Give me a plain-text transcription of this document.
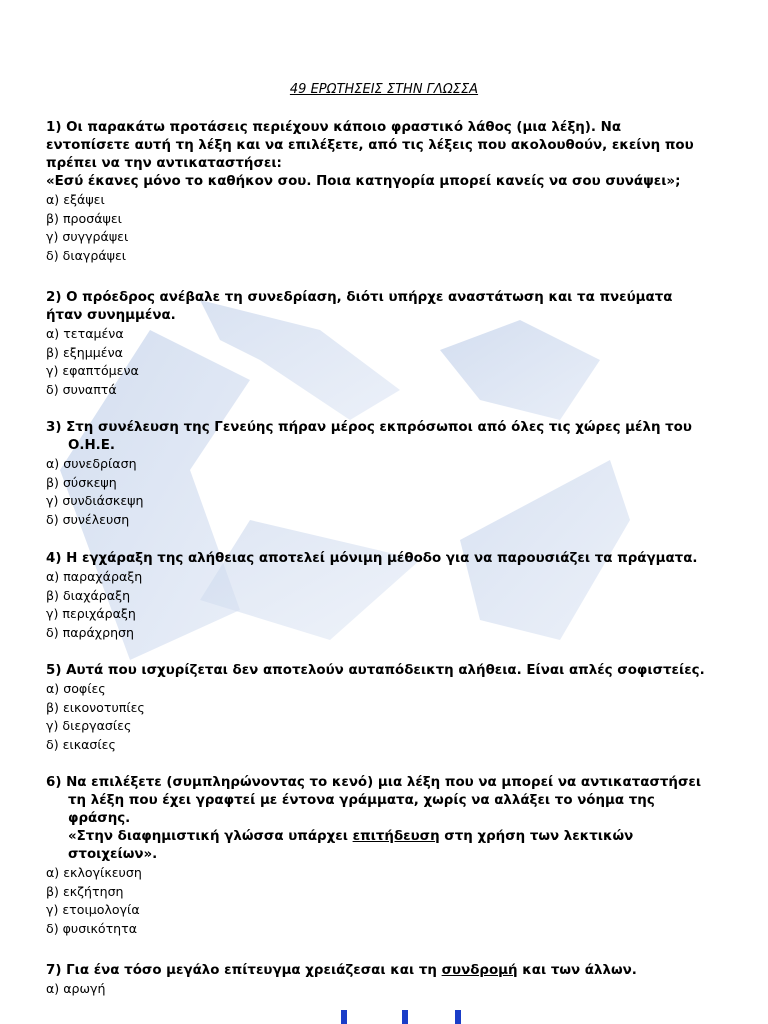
49 ΕΡΩΤΗΣΕΙΣ ΣΤΗΝ ΓΛΩΣΣΑ
1) Οι παρακάτω προτάσεις περιέχουν κάποιο φραστικό λάθος (μια λέξη). Να
εντοπίσετε αυτή τη λέξη και να επιλέξετε, από τις λέξεις που ακολουθούν, εκείνη που
πρέπει να την αντικαταστήσει:
«Εσύ έκανες μόνο το καθήκον σου. Ποια κατηγορία μπορεί κανείς να σου συνάψει»;
α) εξάψει
β) προσάψει
γ) συγγράψει
δ) διαγράψει
2) Ο πρόεδρος ανέβαλε τη συνεδρίαση, διότι υπήρχε αναστάτωση και τα πνεύματα
ήταν συνημμένα.
α) τεταμένα
β) εξημμένα
γ) εφαπτόμενα
δ) συναπτά
3) Στη συνέλευση της Γενεύης πήραν μέρος εκπρόσωποι από όλες τις χώρες μέλη του
Ο.Η.Ε.
α) συνεδρίαση
β) σύσκεψη
γ) συνδιάσκεψη
δ) συνέλευση
4) Η εγχάραξη της αλήθειας αποτελεί μόνιμη μέθοδο για να παρουσιάζει τα πράγματα.
α) παραχάραξη
β) διαχάραξη
γ) περιχάραξη
δ) παράχρηση
5) Αυτά που ισχυρίζεται δεν αποτελούν αυταπόδεικτη αλήθεια. Είναι απλές σοφιστείες.
α) σοφίες
β) εικονοτυπίες
γ) διεργασίες
δ) εικασίες
6) Να επιλέξετε (συμπληρώνοντας το κενό) μια λέξη που να μπορεί να αντικαταστήσει
τη λέξη που έχει γραφτεί με έντονα γράμματα, χωρίς να αλλάξει το νόημα της
φράσης.
«Στην διαφημιστική γλώσσα υπάρχει επιτήδευση στη χρήση των λεκτικών
στοιχείων».
α) εκλογίκευση
β) εκζήτηση
γ) ετοιμολογία
δ) φυσικότητα
7) Για ένα τόσο μεγάλο επίτευγμα χρειάζεσαι και τη συνδρομή και των άλλων.
α) αρωγή
